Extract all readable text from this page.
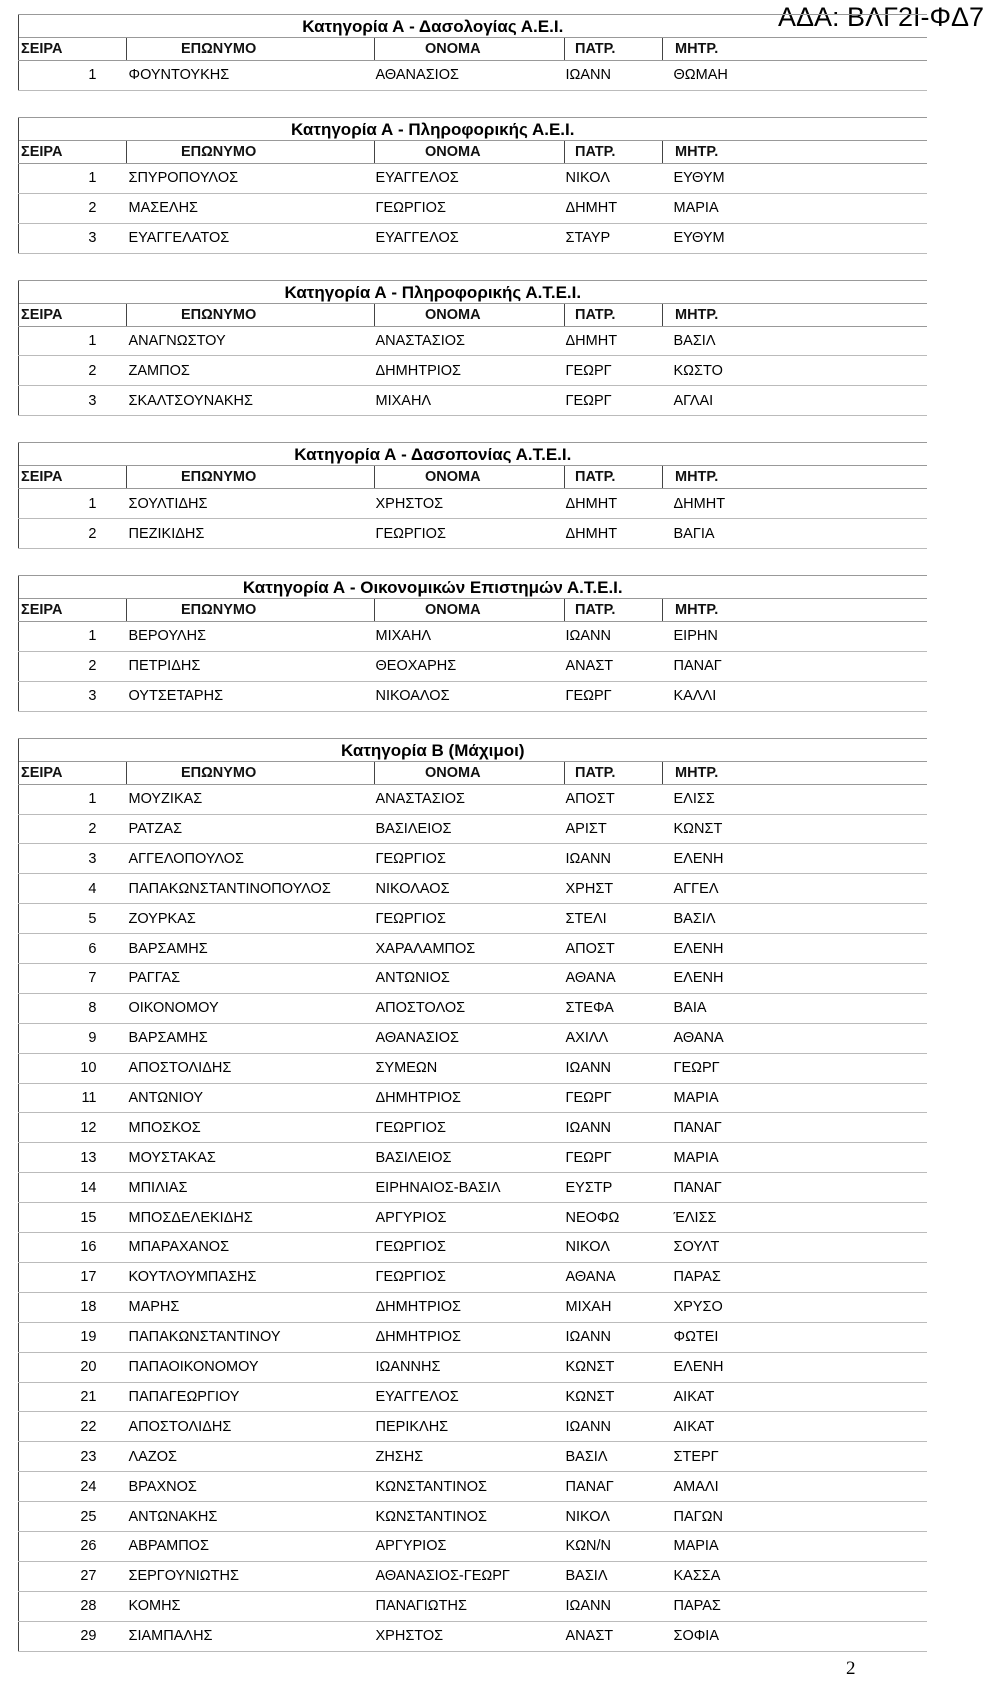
ΑΔΑ: ΒΛΓ2Ι-ΦΔ7
Κατηγορία Α - Δασολογίας Α.Ε.Ι.				
ΣΕΙΡΑ	ΕΠΩΝΥΜΟ	ΟΝΟΜΑ	ΠΑΤΡ.	ΜΗΤΡ.
1	ΦΟΥΝΤΟΥΚΗΣ	ΑΘΑΝΑΣΙΟΣ	ΙΩΑΝΝ	ΘΩΜΑΗ
Κατηγορία Α - Πληροφορικής Α.Ε.Ι.				
ΣΕΙΡΑ	ΕΠΩΝΥΜΟ	ΟΝΟΜΑ	ΠΑΤΡ.	ΜΗΤΡ.
1	ΣΠΥΡΟΠΟΥΛΟΣ	ΕΥΑΓΓΕΛΟΣ	ΝΙΚΟΛ	ΕΥΘΥΜ
2	ΜΑΣΕΛΗΣ	ΓΕΩΡΓΙΟΣ	ΔΗΜΗΤ	ΜΑΡΙΑ
3	ΕΥΑΓΓΕΛΑΤΟΣ	ΕΥΑΓΓΕΛΟΣ	ΣΤΑΥΡ	ΕΥΘΥΜ
Κατηγορία Α - Πληροφορικής Α.Τ.Ε.Ι.				
ΣΕΙΡΑ	ΕΠΩΝΥΜΟ	ΟΝΟΜΑ	ΠΑΤΡ.	ΜΗΤΡ.
1	ΑΝΑΓΝΩΣΤΟΥ	ΑΝΑΣΤΑΣΙΟΣ	ΔΗΜΗΤ	ΒΑΣΙΛ
2	ΖΑΜΠΟΣ	ΔΗΜΗΤΡΙΟΣ	ΓΕΩΡΓ	ΚΩΣΤΟ
3	ΣΚΑΛΤΣΟΥΝΑΚΗΣ	ΜΙΧΑΗΛ	ΓΕΩΡΓ	ΑΓΛΑΙ
Κατηγορία Α - Δασοπονίας Α.Τ.Ε.Ι.				
ΣΕΙΡΑ	ΕΠΩΝΥΜΟ	ΟΝΟΜΑ	ΠΑΤΡ.	ΜΗΤΡ.
1	ΣΟΥΛΤΙΔΗΣ	ΧΡΗΣΤΟΣ	ΔΗΜΗΤ	ΔΗΜΗΤ
2	ΠΕΖΙΚΙΔΗΣ	ΓΕΩΡΓΙΟΣ	ΔΗΜΗΤ	ΒΑΓΙΑ
Κατηγορία Α - Οικονομικών Επιστημών Α.Τ.Ε.Ι.				
ΣΕΙΡΑ	ΕΠΩΝΥΜΟ	ΟΝΟΜΑ	ΠΑΤΡ.	ΜΗΤΡ.
1	ΒΕΡΟΥΛΗΣ	ΜΙΧΑΗΛ	ΙΩΑΝΝ	ΕΙΡΗΝ
2	ΠΕΤΡΙΔΗΣ	ΘΕΟΧΑΡΗΣ	ΑΝΑΣΤ	ΠΑΝΑΓ
3	ΟΥΤΣΕΤΑΡΗΣ	ΝΙΚΟΑΛΟΣ	ΓΕΩΡΓ	ΚΑΛΛΙ
Κατηγορία Β (Μάχιμοι)				
ΣΕΙΡΑ	ΕΠΩΝΥΜΟ	ΟΝΟΜΑ	ΠΑΤΡ.	ΜΗΤΡ.
1	ΜΟΥΖΙΚΑΣ	ΑΝΑΣΤΑΣΙΟΣ	ΑΠΟΣΤ	ΕΛΙΣΣ
2	ΡΑΤΖΑΣ	ΒΑΣΙΛΕΙΟΣ	ΑΡΙΣΤ	ΚΩΝΣΤ
3	ΑΓΓΕΛΟΠΟΥΛΟΣ	ΓΕΩΡΓΙΟΣ	ΙΩΑΝΝ	ΕΛΕΝΗ
4	ΠΑΠΑΚΩΝΣΤΑΝΤΙΝΟΠΟΥΛΟΣ	ΝΙΚΟΛΑΟΣ	ΧΡΗΣΤ	ΑΓΓΕΛ
5	ΖΟΥΡΚΑΣ	ΓΕΩΡΓΙΟΣ	ΣΤΕΛΙ	ΒΑΣΙΛ
6	ΒΑΡΣΑΜΗΣ	ΧΑΡΑΛΑΜΠΟΣ	ΑΠΟΣΤ	ΕΛΕΝΗ
7	ΡΑΓΓΑΣ	ΑΝΤΩΝΙΟΣ	ΑΘΑΝΑ	ΕΛΕΝΗ
8	ΟΙΚΟΝΟΜΟΥ	ΑΠΟΣΤΟΛΟΣ	ΣΤΕΦΑ	ΒΑΙΑ
9	ΒΑΡΣΑΜΗΣ	ΑΘΑΝΑΣΙΟΣ	ΑΧΙΛΛ	ΑΘΑΝΑ
10	ΑΠΟΣΤΟΛΙΔΗΣ	ΣΥΜΕΩΝ	ΙΩΑΝΝ	ΓΕΩΡΓ
11	ΑΝΤΩΝΙΟΥ	ΔΗΜΗΤΡΙΟΣ	ΓΕΩΡΓ	ΜΑΡΙΑ
12	ΜΠΟΣΚΟΣ	ΓΕΩΡΓΙΟΣ	ΙΩΑΝΝ	ΠΑΝΑΓ
13	ΜΟΥΣΤΑΚΑΣ	ΒΑΣΙΛΕΙΟΣ	ΓΕΩΡΓ	ΜΑΡΙΑ
14	ΜΠΙΛΙΑΣ	ΕΙΡΗΝΑΙΟΣ-ΒΑΣΙΛ	ΕΥΣΤΡ	ΠΑΝΑΓ
15	ΜΠΟΣΔΕΛΕΚΙΔΗΣ	ΑΡΓΥΡΙΟΣ	ΝΕΟΦΩ	ΈΛΙΣΣ
16	ΜΠΑΡΑΧΑΝΟΣ	ΓΕΩΡΓΙΟΣ	ΝΙΚΟΛ	ΣΟΥΛΤ
17	ΚΟΥΤΛΟΥΜΠΑΣΗΣ	ΓΕΩΡΓΙΟΣ	ΑΘΑΝΑ	ΠΑΡΑΣ
18	ΜΑΡΗΣ	ΔΗΜΗΤΡΙΟΣ	ΜΙΧΑΗ	ΧΡΥΣΟ
19	ΠΑΠΑΚΩΝΣΤΑΝΤΙΝΟΥ	ΔΗΜΗΤΡΙΟΣ	ΙΩΑΝΝ	ΦΩΤΕΙ
20	ΠΑΠΑΟΙΚΟΝΟΜΟΥ	ΙΩΑΝΝΗΣ	ΚΩΝΣΤ	ΕΛΕΝΗ
21	ΠΑΠΑΓΕΩΡΓΙΟΥ	ΕΥΑΓΓΕΛΟΣ	ΚΩΝΣΤ	ΑΙΚΑΤ
22	ΑΠΟΣΤΟΛΙΔΗΣ	ΠΕΡΙΚΛΗΣ	ΙΩΑΝΝ	ΑΙΚΑΤ
23	ΛΑΖΟΣ	ΖΗΣΗΣ	ΒΑΣΙΛ	ΣΤΕΡΓ
24	ΒΡΑΧΝΟΣ	ΚΩΝΣΤΑΝΤΙΝΟΣ	ΠΑΝΑΓ	ΑΜΑΛΙ
25	ΑΝΤΩΝΑΚΗΣ	ΚΩΝΣΤΑΝΤΙΝΟΣ	ΝΙΚΟΛ	ΠΑΓΩΝ
26	ΑΒΡΑΜΠΟΣ	ΑΡΓΥΡΙΟΣ	ΚΩΝ/Ν	ΜΑΡΙΑ
27	ΣΕΡΓΟΥΝΙΩΤΗΣ	ΑΘΑΝΑΣΙΟΣ-ΓΕΩΡΓ	ΒΑΣΙΛ	ΚΑΣΣΑ
28	ΚΟΜΗΣ	ΠΑΝΑΓΙΩΤΗΣ	ΙΩΑΝΝ	ΠΑΡΑΣ
29	ΣΙΑΜΠΑΛΗΣ	ΧΡΗΣΤΟΣ	ΑΝΑΣΤ	ΣΟΦΙΑ
2
